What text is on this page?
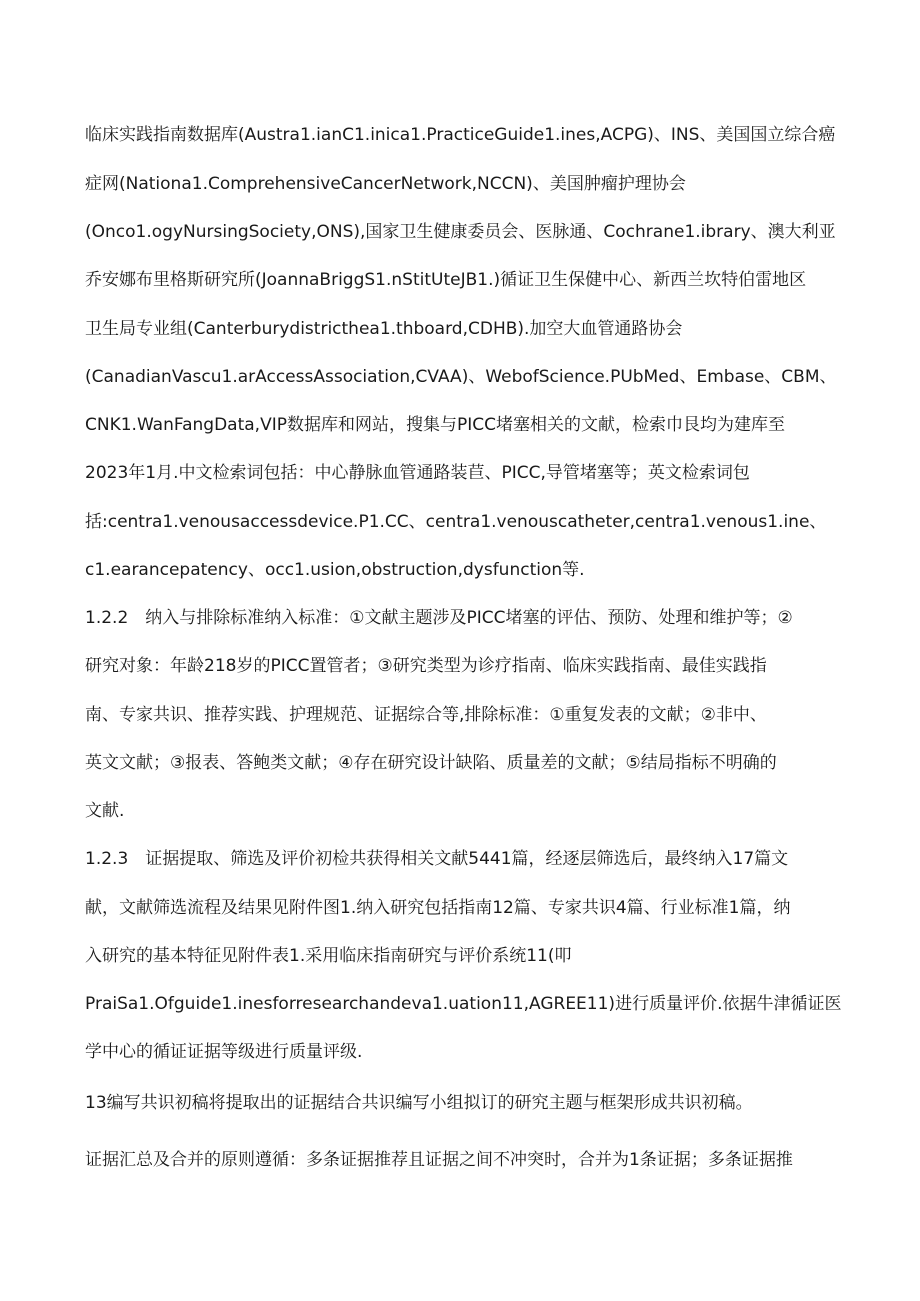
临床实践指南数据库(Austra1.ianC1.inica1.PracticeGuide1.ines,ACPG)、INS、美国国立综合癌
症网(Nationa1.ComprehensiveCancerNetwork,NCCN)、美国肿瘤护理协会
(Onco1.ogyNursingSociety,ONS),国家卫生健康委员会、医脉通、Cochrane1.ibrary、澳大利亚
乔安娜布里格斯研究所(JoannaBriggS1.nStitUteJB1.)循证卫生保健中心、新西兰坎特伯雷地区
卫生局专业组(Canterburydistricthea1.thboard,CDHB).加空大血管通路协会
(CanadianVascu1.arAccessAssociation,CVAA)、WebofScience.PUbMed、Embase、CBM、
CNK1.WanFangData,VIP数据库和网站，搜集与PICC堵塞相关的文献，检索巾艮均为建库至
2023年1月.中文检索词包括：中心静脉血管通路装苣、PICC,导管堵塞等；英文检索词包
括:centra1.venousaccessdevice.P1.CC、centra1.venouscatheter,centra1.venous1.ine、
c1.earancepatency、occ1.usion,obstruction,dysfunction等.
1.2.2　纳入与排除标准纳入标准：①文献主题涉及PICC堵塞的评估、预防、处理和维护等；②
研究对象：年龄218岁的PICC置管者；③研究类型为诊疗指南、临床实践指南、最佳实践指
南、专家共识、推荐实践、护理规范、证据综合等,排除标准：①重复发表的文献；②非中、
英文文献；③报表、答鲍类文献；④存在研究设计缺陷、质量差的文献；⑤结局指标不明确的
文献.
1.2.3　证据提取、筛选及评价初检共获得相关文献5441篇，经逐层筛选后，最终纳入17篇文
献，文献筛选流程及结果见附件图1.纳入研究包括指南12篇、专家共识4篇、行业标准1篇，纳
入研究的基本特征见附件表1.采用临床指南研究与评价系统11(叩
PraiSa1.Ofguide1.inesforresearchandeva1.uation11,AGREE11)进行质量评价.依据牛津循证医
学中心的循证证据等级进行质量评级.
13编写共识初稿将提取出的证据结合共识编写小组拟订的研究主题与框架形成共识初稿。
证据汇总及合并的原则遵循：多条证据推荐且证据之间不冲突时，合并为1条证据；多条证据推
